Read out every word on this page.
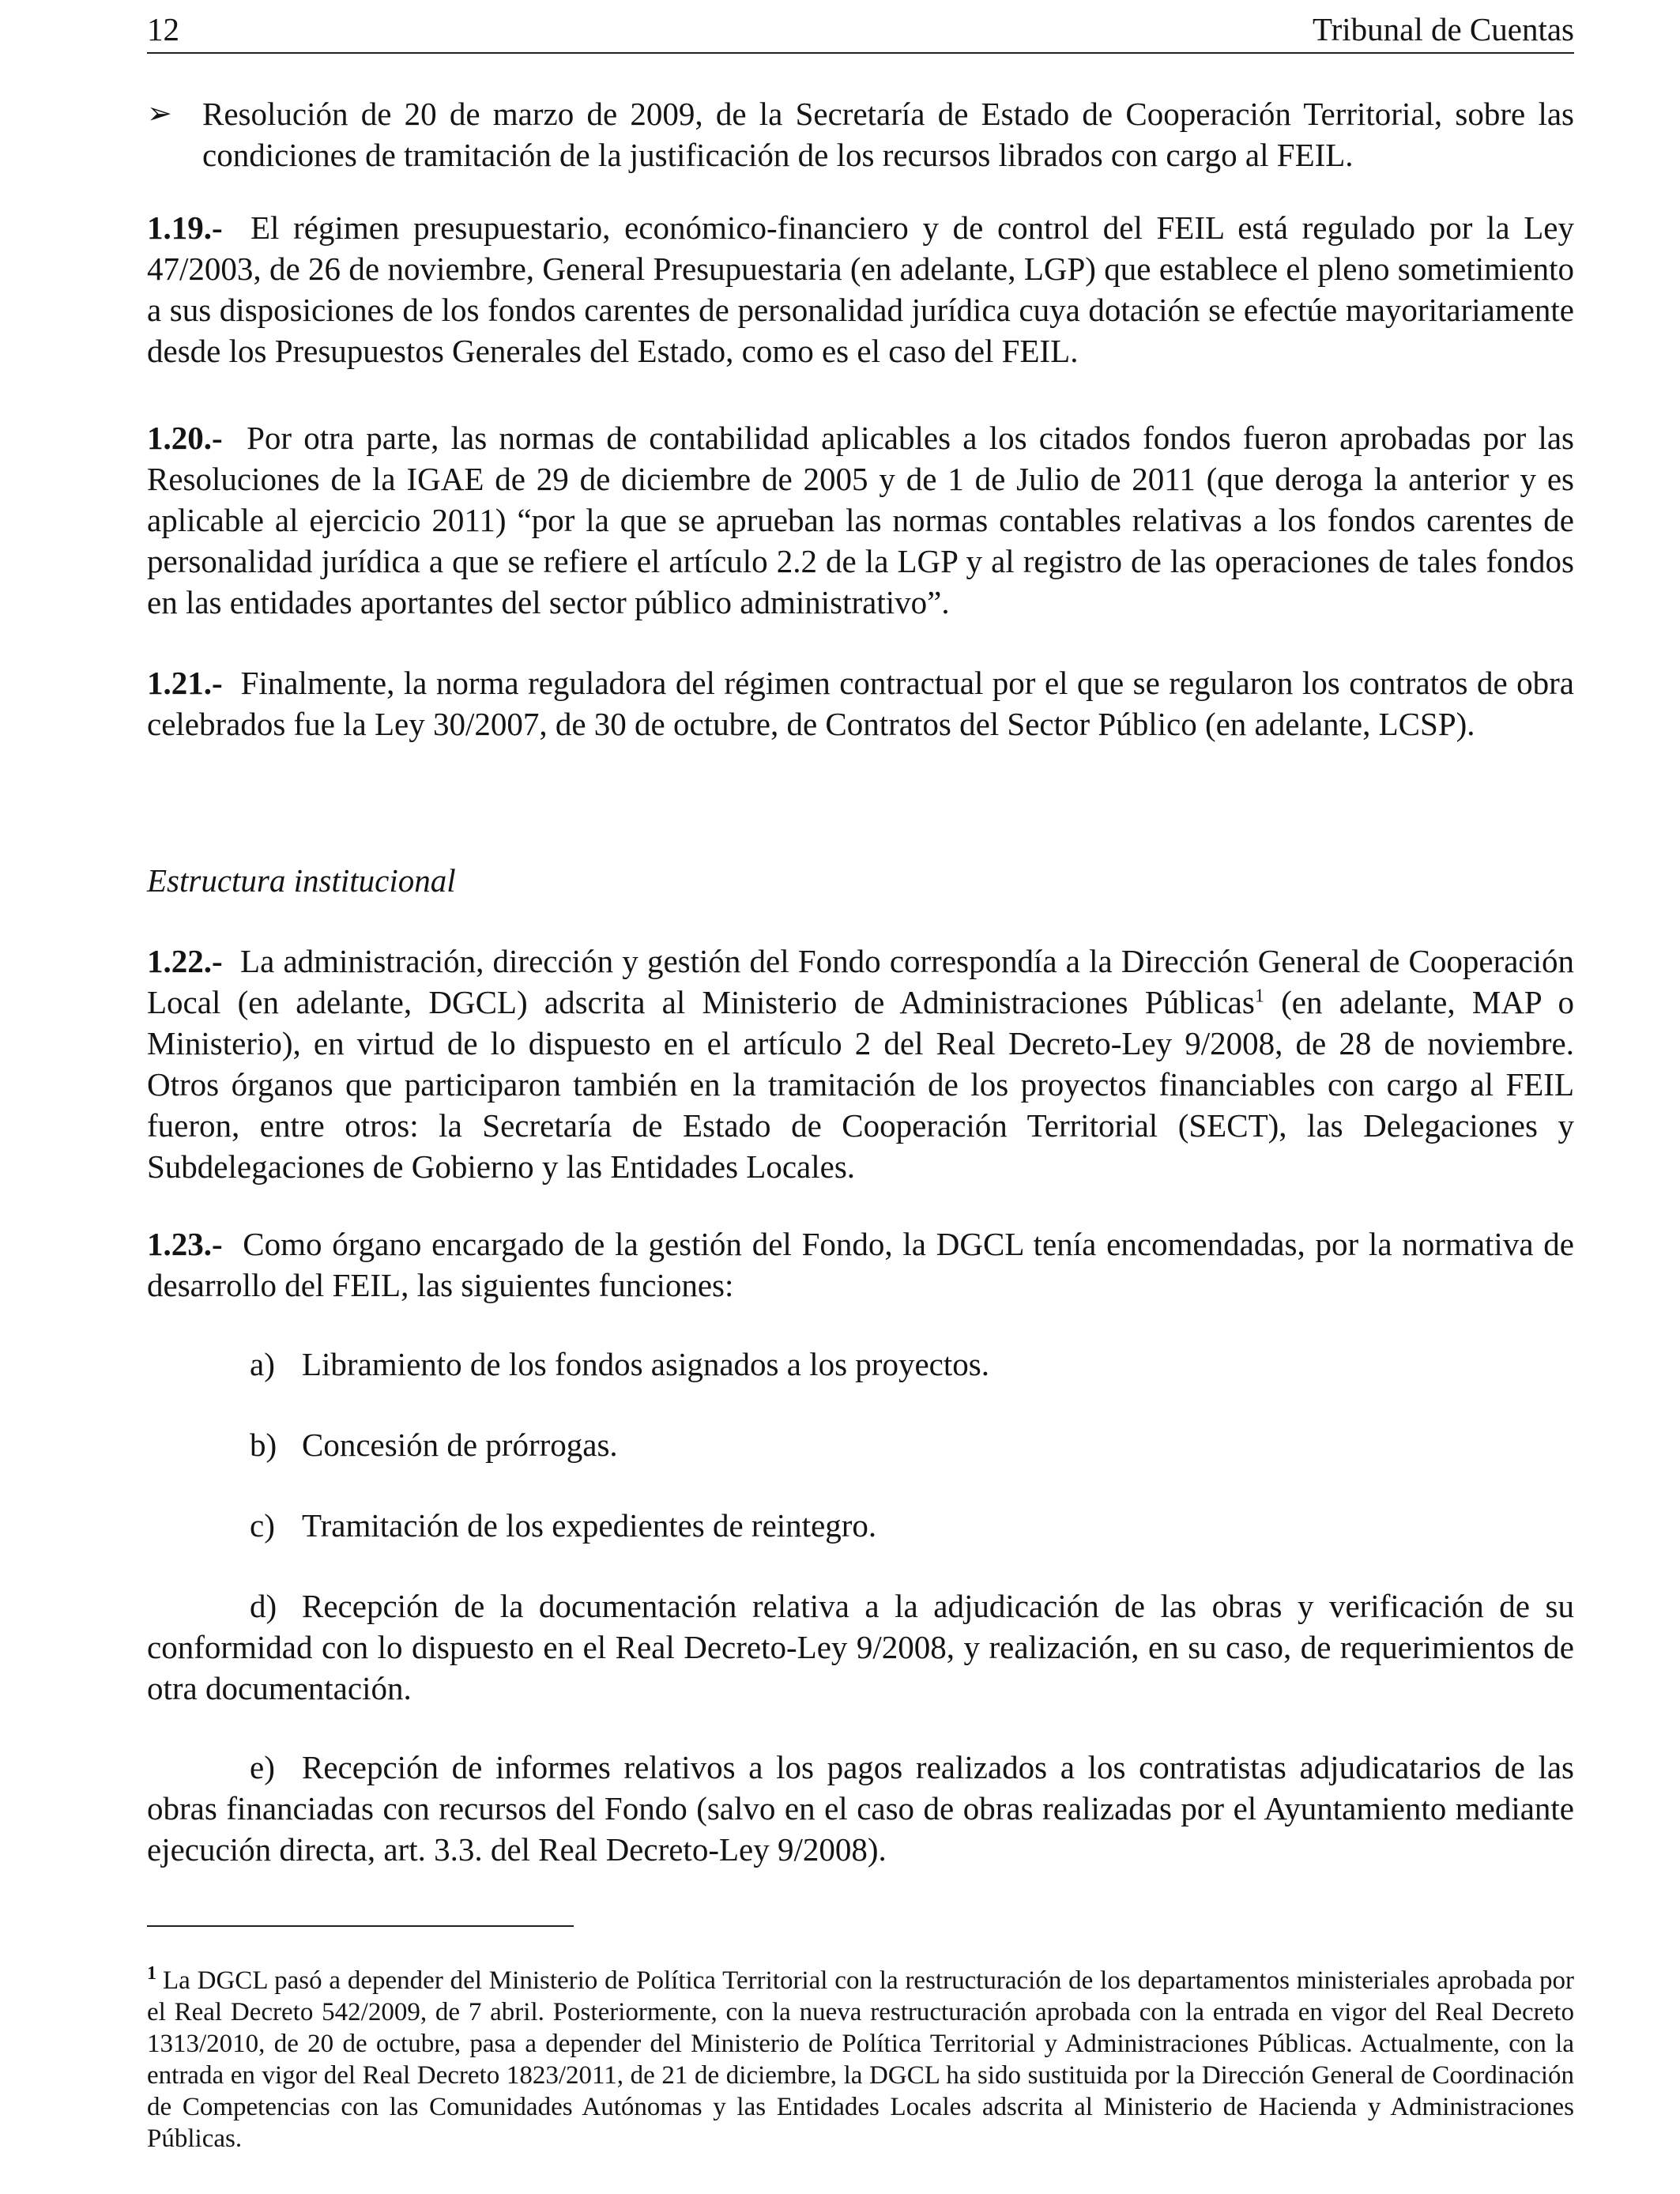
12	Tribunal de Cuentas
➢ Resolución de 20 de marzo de 2009, de la Secretaría de Estado de Cooperación Territorial, sobre las condiciones de tramitación de la justificación de los recursos librados con cargo al FEIL.

1.19.- El régimen presupuestario, económico-financiero y de control del FEIL está regulado por la Ley 47/2003, de 26 de noviembre, General Presupuestaria (en adelante, LGP) que establece el pleno sometimiento a sus disposiciones de los fondos carentes de personalidad jurídica cuya dotación se efectúe mayoritariamente desde los Presupuestos Generales del Estado, como es el caso del FEIL.

1.20.- Por otra parte, las normas de contabilidad aplicables a los citados fondos fueron aprobadas por las Resoluciones de la IGAE de 29 de diciembre de 2005 y de 1 de Julio de 2011 (que deroga la anterior y es aplicable al ejercicio 2011) “por la que se aprueban las normas contables relativas a los fondos carentes de personalidad jurídica a que se refiere el artículo 2.2 de la LGP y al registro de las operaciones de tales fondos en las entidades aportantes del sector público administrativo”.

1.21.- Finalmente, la norma reguladora del régimen contractual por el que se regularon los contratos de obra celebrados fue la Ley 30/2007, de 30 de octubre, de Contratos del Sector Público (en adelante, LCSP).

Estructura institucional

1.22.- La administración, dirección y gestión del Fondo correspondía a la Dirección General de Cooperación Local (en adelante, DGCL) adscrita al Ministerio de Administraciones Públicas$^1$ (en adelante, MAP o Ministerio), en virtud de lo dispuesto en el artículo 2 del Real Decreto-Ley 9/2008, de 28 de noviembre. Otros órganos que participaron también en la tramitación de los proyectos financiables con cargo al FEIL fueron, entre otros: la Secretaría de Estado de Cooperación Territorial (SECT), las Delegaciones y Subdelegaciones de Gobierno y las Entidades Locales.

1.23.- Como órgano encargado de la gestión del Fondo, la DGCL tenía encomendadas, por la normativa de desarrollo del FEIL, las siguientes funciones:

a) Libramiento de los fondos asignados a los proyectos.
b) Concesión de prórrogas.
c) Tramitación de los expedientes de reintegro.

d) Recepción de la documentación relativa a la adjudicación de las obras y verificación de su conformidad con lo dispuesto en el Real Decreto-Ley 9/2008, y realización, en su caso, de requerimientos de otra documentación.

e) Recepción de informes relativos a los pagos realizados a los contratistas adjudicatarios de las obras financiadas con recursos del Fondo (salvo en el caso de obras realizadas por el Ayuntamiento mediante ejecución directa, art. 3.3. del Real Decreto-Ley 9/2008).

$^1$ La DGCL pasó a depender del Ministerio de Política Territorial con la restructuración de los departamentos ministeriales aprobada por el Real Decreto 542/2009, de 7 abril. Posteriormente, con la nueva restructuración aprobada con la entrada en vigor del Real Decreto 1313/2010, de 20 de octubre, pasa a depender del Ministerio de Política Territorial y Administraciones Públicas. Actualmente, con la entrada en vigor del Real Decreto 1823/2011, de 21 de diciembre, la DGCL ha sido sustituida por la Dirección General de Coordinación de Competencias con las Comunidades Autónomas y las Entidades Locales adscrita al Ministerio de Hacienda y Administraciones Públicas.
